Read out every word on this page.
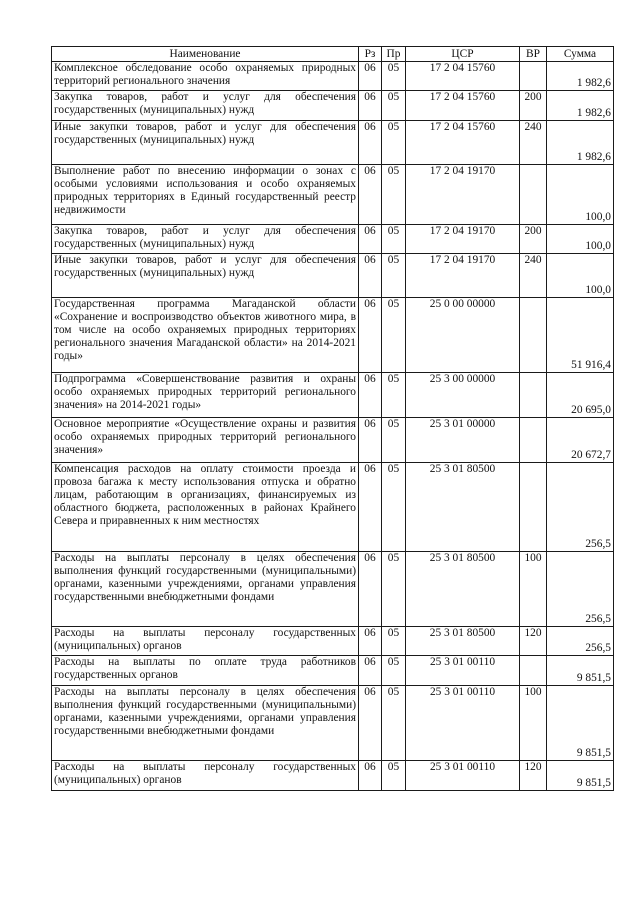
Наименование	Рз	Пр	ЦСР	ВР	Сумма
Комплексное обследование особо охраняемых природных территорий регионального значения	06	05	17 2 04 15760		1 982,6
Закупка товаров, работ и услуг для обеспечения государственных (муниципальных) нужд	06	05	17 2 04 15760	200	1 982,6
Иные закупки товаров, работ и услуг для обеспечения государственных (муниципальных) нужд	06	05	17 2 04 15760	240	1 982,6
Выполнение работ по внесению информации о зонах с особыми условиями использования и особо охраняемых природных территориях в Единый государственный реестр недвижимости	06	05	17 2 04 19170		100,0
Закупка товаров, работ и услуг для обеспечения государственных (муниципальных) нужд	06	05	17 2 04 19170	200	100,0
Иные закупки товаров, работ и услуг для обеспечения государственных (муниципальных) нужд	06	05	17 2 04 19170	240	100,0
Государственная программа Магаданской области «Сохранение и воспроизводство объектов животного мира, в том числе на особо охраняемых природных территориях регионального значения Магаданской области» на 2014-2021 годы»	06	05	25 0 00 00000		51 916,4
Подпрограмма «Совершенствование развития и охраны особо охраняемых природных территорий регионального значения» на 2014-2021 годы»	06	05	25 3 00 00000		20 695,0
Основное мероприятие «Осуществление охраны и развития особо охраняемых природных территорий регионального значения»	06	05	25 3 01 00000		20 672,7
Компенсация расходов на оплату стоимости проезда и провоза багажа к месту использования отпуска и обратно лицам, работающим в организациях, финансируемых из областного бюджета, расположенных в районах Крайнего Севера и приравненных к ним местностях	06	05	25 3 01 80500		256,5
Расходы на выплаты персоналу в целях обеспечения выполнения функций государственными (муниципальными) органами, казенными учреждениями, органами управления государственными внебюджетными фондами	06	05	25 3 01 80500	100	256,5
Расходы на выплаты персоналу государственных (муниципальных) органов	06	05	25 3 01 80500	120	256,5
Расходы на выплаты по оплате труда работников государственных органов	06	05	25 3 01 00110		9 851,5
Расходы на выплаты персоналу в целях обеспечения выполнения функций государственными (муниципальными) органами, казенными учреждениями, органами управления государственными внебюджетными фондами	06	05	25 3 01 00110	100	9 851,5
Расходы на выплаты персоналу государственных (муниципальных) органов	06	05	25 3 01 00110	120	9 851,5
